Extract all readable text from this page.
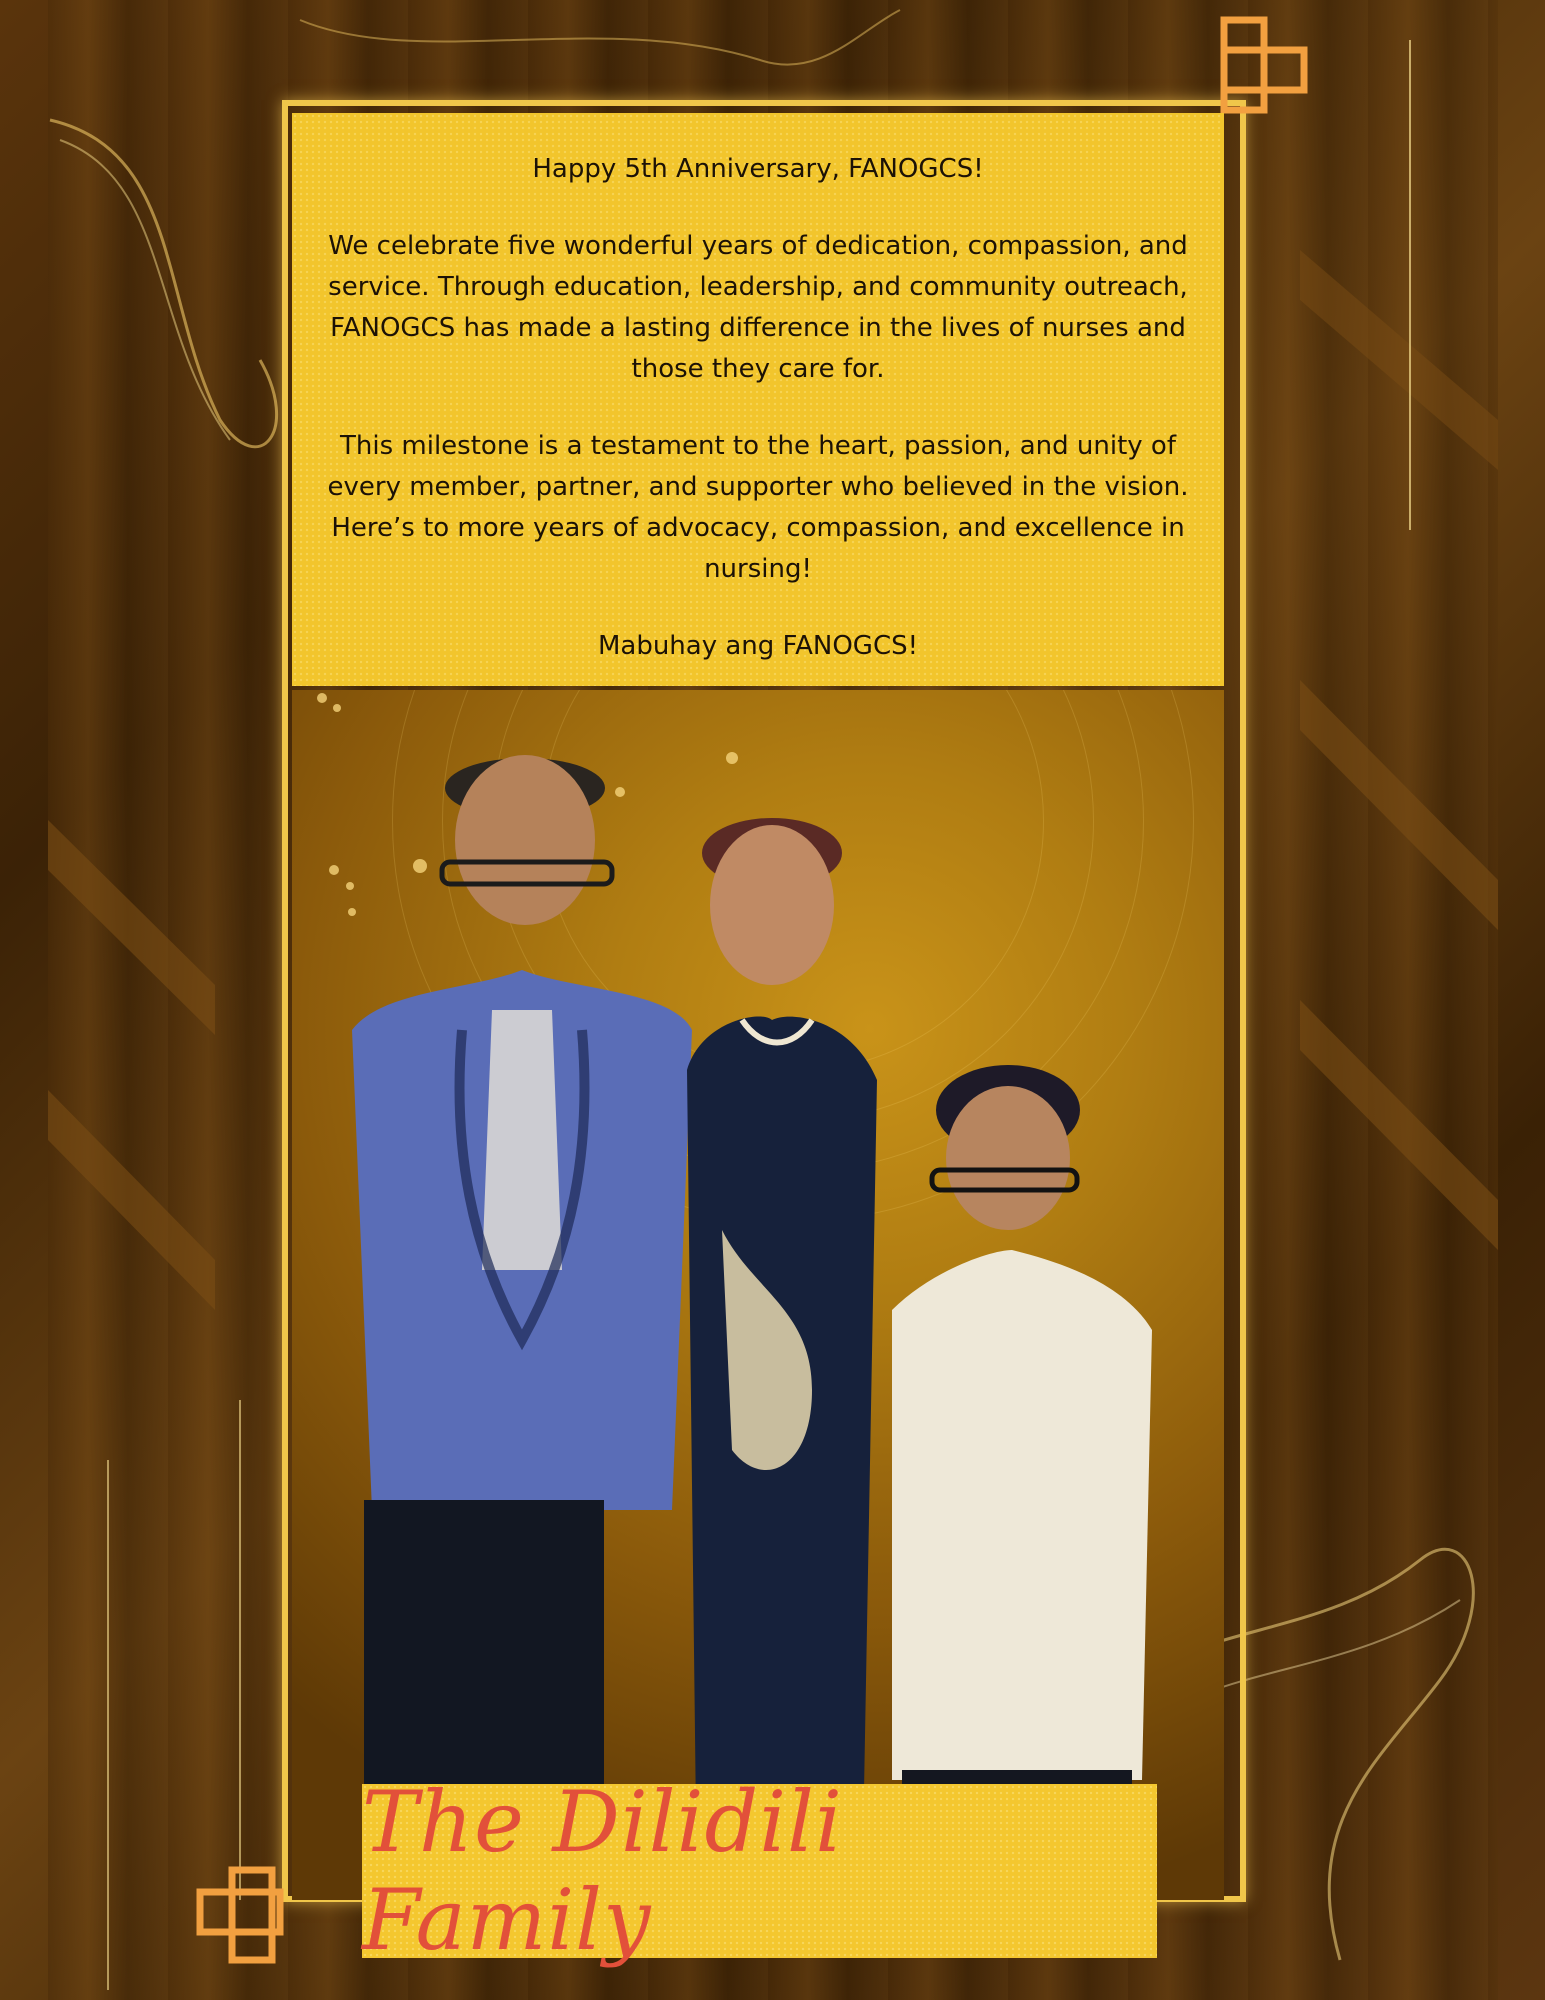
Happy 5th Anniversary, FANOGCS!

We celebrate five wonderful years of dedication, compassion, and service. Through education, leadership, and community outreach, FANOGCS has made a lasting difference in the lives of nurses and those they care for.

This milestone is a testament to the heart, passion, and unity of every member, partner, and supporter who believed in the vision. Here’s to more years of advocacy, compassion, and excellence in nursing!

Mabuhay ang FANOGCS!

The Dilidili Family
